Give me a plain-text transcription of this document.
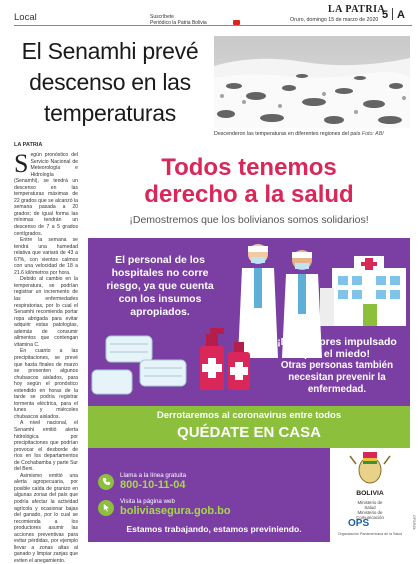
Local	Suscríbete
Periódico la Patria Bolivia
LA PATRIA
Oruro, domingo 15 de marzo de 2020 5 A
El Senamhi prevé descenso en las temperaturas
Descenderon las temperaturas en diferentes regiones del país Foto: ABI
LA PATRIA

Según pronóstico del Servicio Nacional de Meteorología e Hidrología (Senamhi), se tendrá un descenso en las temperaturas máximas de 22 grados que se alcanzó la semana pasada a 20 grados; de igual forma las mínimas tendrán un descenso de 7 a 5 grados centígrados.

Entre la semana se tendrá una humedad relativa que variará de 43 a 67%, con vientos calmos con una velocidad de 18 a 21.6 kilómetros por hora.

Debido al cambio en la temperatura, se podrían registrar un incremento de las enfermedades respiratorias, por lo cual el Senamhi recomienda portar ropa abrigada para evitar adquirir estas patologías, además de consumir alimentos que contengan vitamina C.

En cuanto a las precipitaciones, se prevé que hasta finales de marzo se presenten algunos chubascos aislados, para hoy según el pronóstico extendido en horas de la tarde se podría registrar tormenta eléctrica, para el lunes y miércoles chubascos aislados.

A nivel nacional, el Senamhi emitió alerta hidrológica por precipitaciones que podrían provocar el desborde de ríos en los departamentos de Cochabamba y parte Sur del Beni.

Asimismo emitió una alerta agropecuaria, por posible caída de granizo en algunas zonas del país que podría afectar la actividad agrícola y ocasionar bajas del ganado, por lo cual se recomienda a los productores asumir las acciones preventivas para evitar pérdidas, por ejemplo llevar a zonas altas al ganado y limpiar zanjas que eviten el anegamiento.

Todos tenemos
derecho a la salud
¡Demostremos que los bolivianos somos solidarios!
El personal de los hospitales no corre riesgo, ya que cuenta con los insumos apropiados.
¡No compres impulsado por el miedo!
Otras personas también necesitan prevenir la enfermedad.
Derrotaremos al coronavirus entre todos
QUÉDATE EN CASA
Llama a la línea gratuita
800-10-11-04
Visita la página web
boliviasegura.gob.bo
Estamos trabajando, estamos previniendo.
BOLIVIA
Ministerio de
Salud
Ministerio de
Comunicación
OPS
Organización Panamericana de la Salud
OPS/BOL
